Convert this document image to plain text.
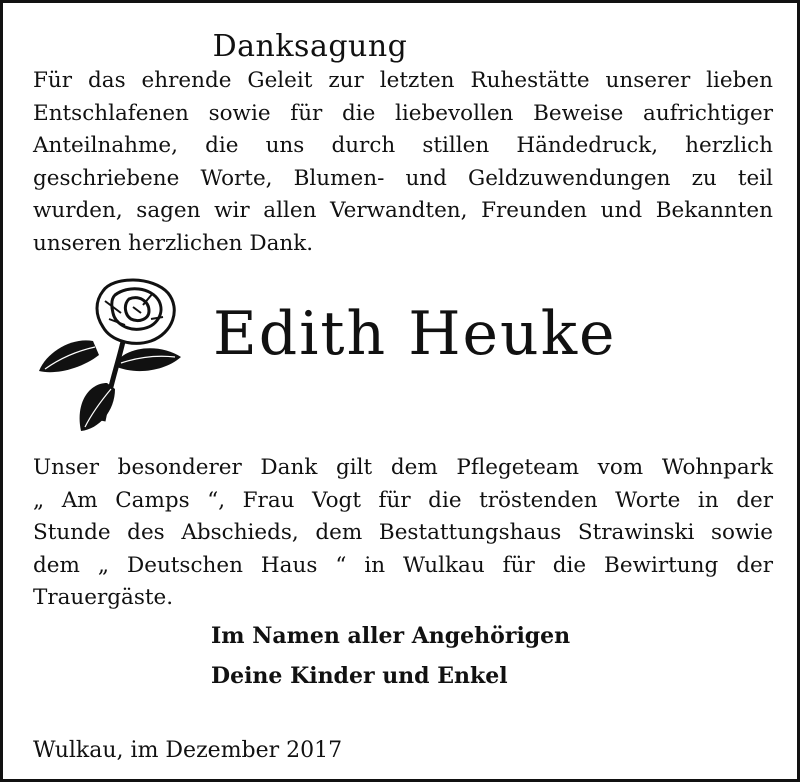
Danksagung
Für das ehrende Geleit zur letzten Ruhestätte unserer lieben
Entschlafenen sowie für die liebevollen Beweise aufrichtiger
Anteilnahme, die uns durch stillen Händedruck, herzlich
geschriebene Worte, Blumen- und Geldzuwendungen zu teil
wurden, sagen wir allen Verwandten, Freunden und Bekannten
unseren herzlichen Dank.
Edith Heuke
Unser besonderer Dank gilt dem Pflegeteam vom Wohnpark
„ Am Camps “, Frau Vogt für die tröstenden Worte in der
Stunde des Abschieds, dem Bestattungshaus Strawinski sowie
dem „ Deutschen Haus “ in Wulkau für die Bewirtung der
Trauergäste.
Im Namen aller Angehörigen
Deine Kinder und Enkel
Wulkau, im Dezember 2017
